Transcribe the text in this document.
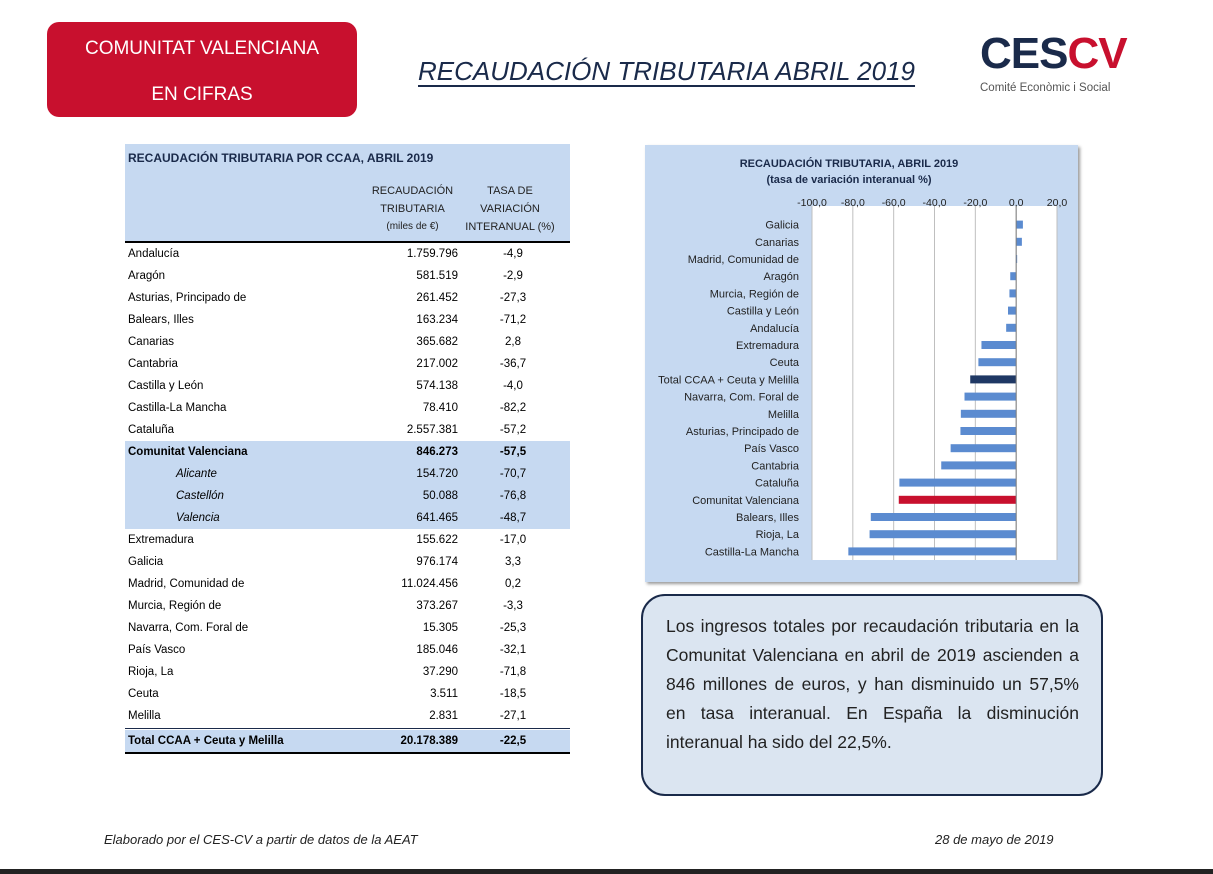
COMUNITAT VALENCIANA
EN CIFRAS
RECAUDACIÓN TRIBUTARIA ABRIL 2019 CESCV
Comité Econòmic i Social
RECAUDACIÓN TRIBUTARIA POR CCAA, ABRIL 2019
RECAUDACIÓN
TRIBUTARIA
(miles de €)
TASA DE
VARIACIÓN
INTERANUAL (%)
Andalucía	1.759.796	-4,9
Aragón	581.519	-2,9
Asturias, Principado de	261.452	-27,3
Balears, Illes	163.234	-71,2
Canarias	365.682	2,8
Cantabria	217.002	-36,7
Castilla y León	574.138	-4,0
Castilla-La Mancha	78.410	-82,2
Cataluña	2.557.381	-57,2
Comunitat Valenciana	846.273	-57,5
Alicante	154.720	-70,7
Castellón	50.088	-76,8
Valencia	641.465	-48,7
Extremadura	155.622	-17,0
Galicia	976.174	3,3
Madrid, Comunidad de	11.024.456	0,2
Murcia, Región de	373.267	-3,3
Navarra, Com. Foral de	15.305	-25,3
País Vasco	185.046	-32,1
Rioja, La	37.290	-71,8
Ceuta	3.511	-18,5
Melilla	2.831	-27,1
Total CCAA + Ceuta y Melilla	20.178.389	-22,5
RECAUDACIÓN TRIBUTARIA, ABRIL 2019
(tasa de variación interanual %)
-100,0 -80,0 -60,0 -40,0 -20,0 0,0 20,0
Galicia
Canarias
Madrid, Comunidad de
Aragón
Murcia, Región de
Castilla y León
Andalucía
Extremadura
Ceuta
Total CCAA + Ceuta y Melilla
Navarra, Com. Foral de
Melilla
Asturias, Principado de
País Vasco
Cantabria
Cataluña
Comunitat Valenciana
Balears, Illes
Rioja, La
Castilla-La Mancha
Los ingresos totales por recaudación tributaria en la Comunitat Valenciana en abril de 2019 ascienden a 846 millones de euros, y han disminuido un 57,5% en tasa interanual. En España la disminución interanual ha sido del 22,5%.
Elaborado por el CES-CV a partir de datos de la AEAT	28 de mayo de 2019
